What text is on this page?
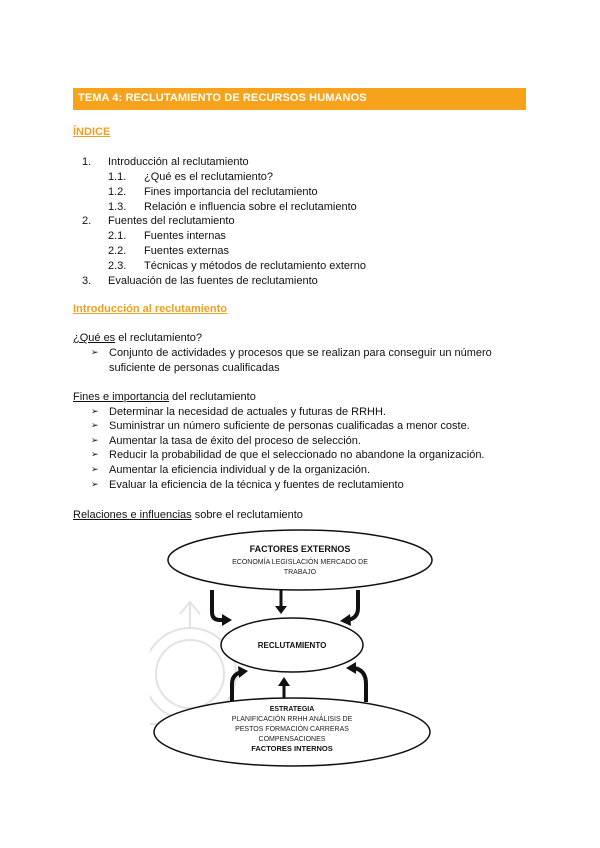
TEMA 4: RECLUTAMIENTO DE RECURSOS HUMANOS
ÍNDICE
1. Introducción al reclutamiento
1.1. ¿Qué es el reclutamiento?
1.2. Fines importancia del reclutamiento
1.3. Relación e influencia sobre el reclutamiento
2. Fuentes del reclutamiento
2.1. Fuentes internas
2.2. Fuentes externas
2.3. Técnicas y métodos de reclutamiento externo
3. Evaluación de las fuentes de reclutamiento
Introducción al reclutamiento
¿Qué es el reclutamiento?
➢ Conjunto de actividades y procesos que se realizan para conseguir un número
suficiente de personas cualificadas
Fines e importancia del reclutamiento
➢ Determinar la necesidad de actuales y futuras de RRHH.
➢ Suministrar un número suficiente de personas cualificadas a menor coste.
➢ Aumentar la tasa de éxito del proceso de selección.
➢ Reducir la probabilidad de que el seleccionado no abandone la organización.
➢ Aumentar la eficiencia individual y de la organización.
➢ Evaluar la eficiencia de la técnica y fuentes de reclutamiento
Relaciones e influencias sobre el reclutamiento
FACTORES EXTERNOS
ECONOMÍA LEGISLACIÓN MERCADO DE
TRABAJO
RECLUTAMIENTO
ESTRATEGIA
PLANIFICACIÓN RRHH ANÁLISIS DE
PESTOS FORMACIÓN CARRERAS
COMPENSACIONES
FACTORES INTERNOS
